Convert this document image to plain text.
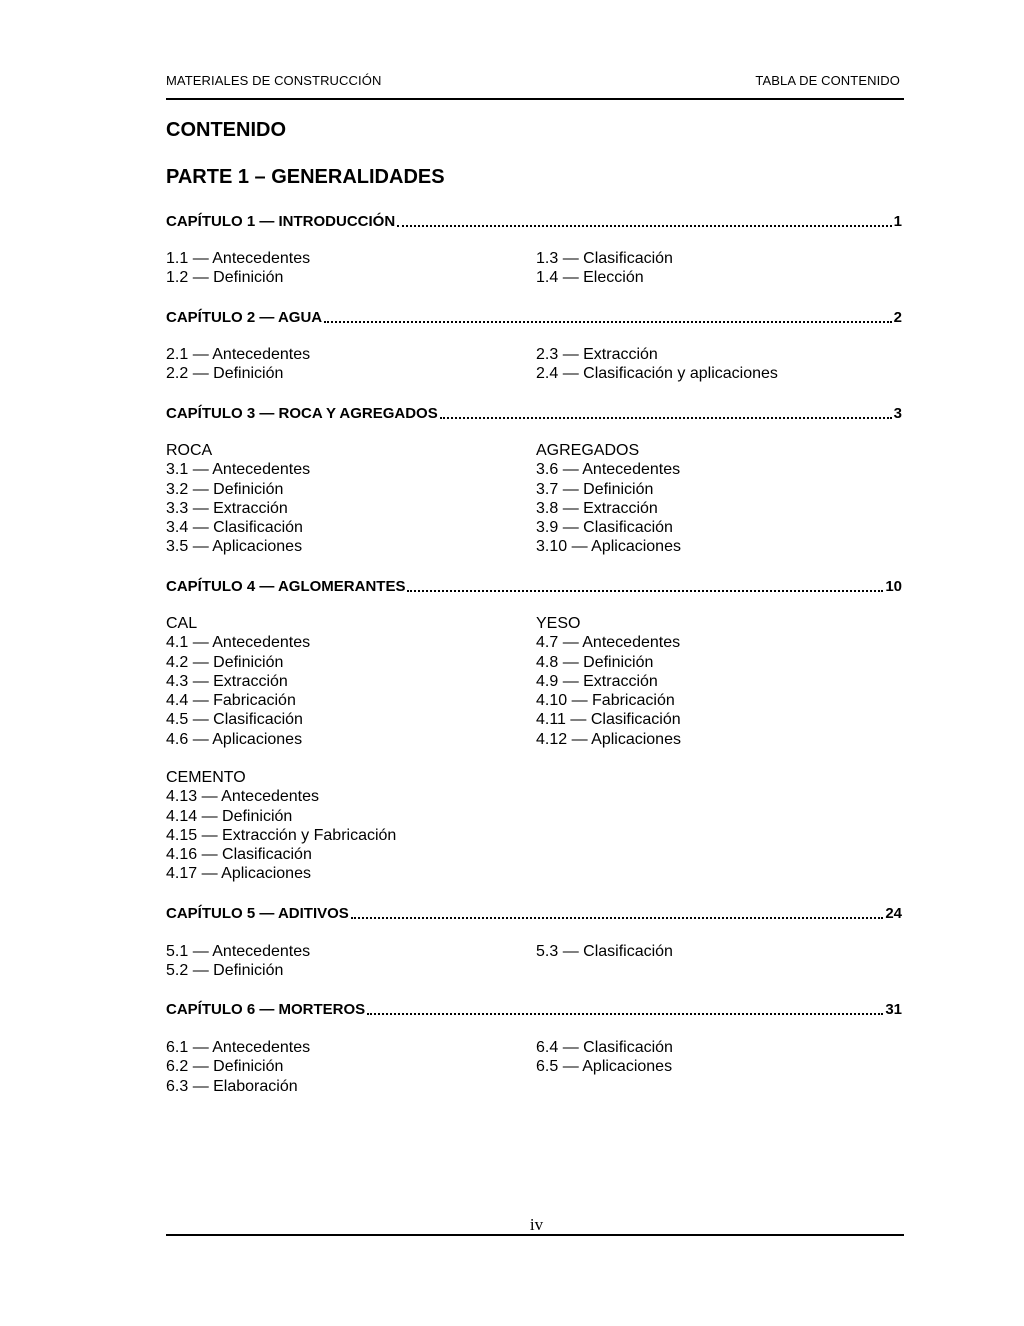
MATERIALES DE CONSTRUCCIÓN	TABLA DE CONTENIDO
CONTENIDO
PARTE 1 – GENERALIDADES
CAPÍTULO 1 — INTRODUCCIÓN	1
1.1 — Antecedentes
1.2 — Definición
1.3 — Clasificación
1.4 — Elección
CAPÍTULO 2 — AGUA	2
2.1 — Antecedentes
2.2 — Definición
2.3 — Extracción
2.4 — Clasificación y aplicaciones
CAPÍTULO 3 — ROCA Y AGREGADOS	3
ROCA
3.1 — Antecedentes
3.2 — Definición
3.3 — Extracción
3.4 — Clasificación
3.5 — Aplicaciones
AGREGADOS
3.6 — Antecedentes
3.7 — Definición
3.8 — Extracción
3.9 — Clasificación
3.10 — Aplicaciones
CAPÍTULO 4 — AGLOMERANTES	10
CAL
4.1 — Antecedentes
4.2 — Definición
4.3 — Extracción
4.4 — Fabricación
4.5 — Clasificación
4.6 — Aplicaciones
YESO
4.7 — Antecedentes
4.8 — Definición
4.9 — Extracción
4.10 — Fabricación
4.11 — Clasificación
4.12 — Aplicaciones
CEMENTO
4.13 — Antecedentes
4.14 — Definición
4.15 — Extracción y Fabricación
4.16 — Clasificación
4.17 — Aplicaciones
CAPÍTULO 5 — ADITIVOS	24
5.1 — Antecedentes
5.2 — Definición
5.3 — Clasificación
CAPÍTULO 6 — MORTEROS	31
6.1 — Antecedentes
6.2 — Definición
6.3 — Elaboración
6.4 — Clasificación
6.5 — Aplicaciones
iv
